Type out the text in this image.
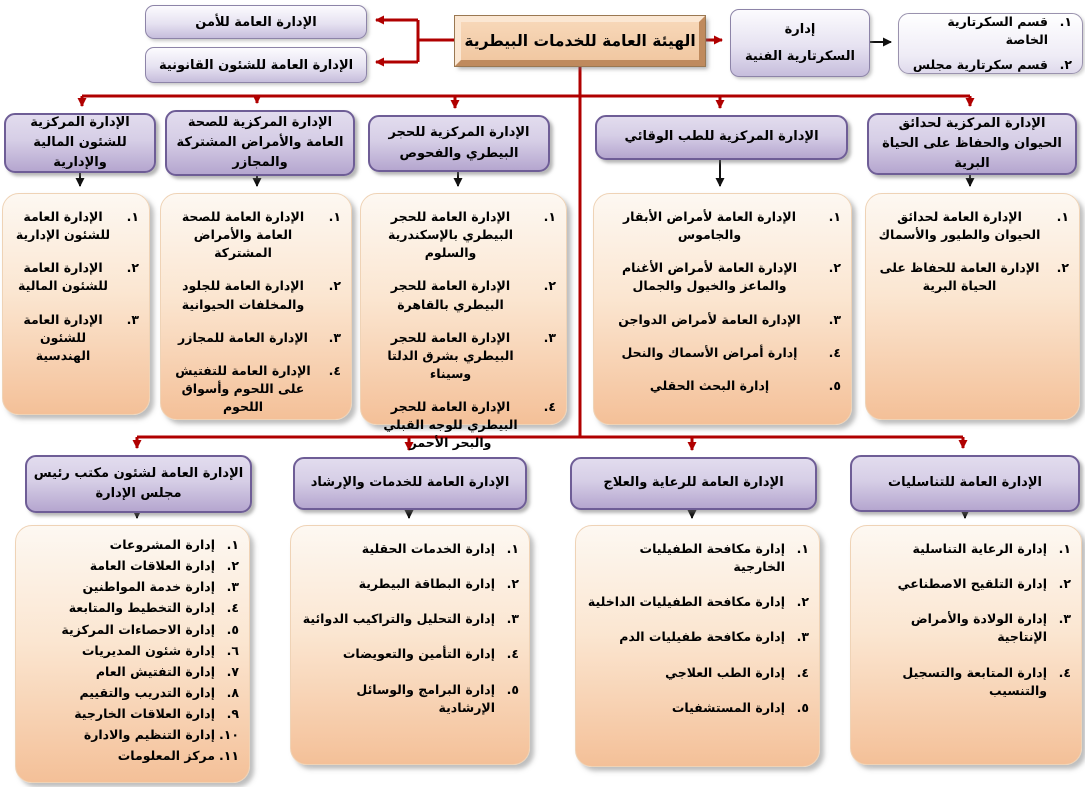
الهيئة العامة للخدمات البيطرية
الإدارة العامة للأمن
الإدارة العامة للشئون القانونية
إدارة
السكرتارية الفنية
١.
قسم السكرتارية الخاصة
٢.
قسم سكرتارية مجلس
الإدارة المركزية للشئون المالية والإدارية
الإدارة المركزية للصحة العامة والأمراض المشتركة والمجازر
الإدارة المركزية للحجر البيطري والفحوص
الإدارة المركزية للطب الوقائي
الإدارة المركزية لحدائق الحيوان والحفاظ على الحياة البرية
١.
الإدارة العامة للشئون الإدارية
٢.
الإدارة العامة للشئون المالية
٣.
الإدارة العامة للشئون الهندسية
١.
الإدارة العامة للصحة العامة والأمراض المشتركة
٢.
الإدارة العامة للجلود والمخلفات الحيوانية
٣.
الإدارة العامة للمجازر
٤.
الإدارة العامة للتفتيش على اللحوم وأسواق اللحوم
١.
الإدارة العامة للحجر البيطري بالإسكندرية والسلوم
٢.
الإدارة العامة للحجر البيطري بالقاهرة
٣.
الإدارة العامة للحجر البيطري بشرق الدلتا وسيناء
٤.
الإدارة العامة للحجر البيطري للوجه القبلي والبحر الأحمر
١.
الإدارة العامة لأمراض الأبقار والجاموس
٢.
الإدارة العامة لأمراض الأغنام والماعز والخيول والجمال
٣.
الإدارة العامة لأمراض الدواجن
٤.
إدارة أمراض الأسماك والنحل
٥.
إدارة البحث الحقلي
١.
الإدارة العامة لحدائق الحيوان والطيور والأسماك
٢.
الإدارة العامة للحفاظ على الحياة البرية
الإدارة العامة لشئون مكتب رئيس مجلس الإدارة
الإدارة العامة للخدمات والإرشاد	الإدارة العامة للرعاية والعلاج	الإدارة العامة للتناسليات
١.
إدارة المشروعات
٢.
إدارة العلاقات العامة
٣.
إدارة خدمة المواطنين
٤.
إدارة التخطيط والمتابعة
٥.
إدارة الاحصاءات المركزية
٦.
إدارة شئون المديريات
٧.
إدارة التفتيش العام
٨.
إدارة التدريب والتقييم
٩.
إدارة العلاقات الخارجية
١٠.
إدارة التنظيم والادارة
١١.
مركز المعلومات
١.
إدارة الخدمات الحقلية
٢.
إدارة البطاقة البيطرية
٣.
إدارة التحليل والتراكيب الدوائية
٤.
إدارة التأمين والتعويضات
٥.
إدارة البرامج والوسائل الإرشادية
١.
إدارة مكافحة الطفيليات الخارجية
٢.
إدارة مكافحة الطفيليات الداخلية
٣.
إدارة مكافحة طفيليات الدم
٤.
إدارة الطب العلاجي
٥.
إدارة المستشفيات
١.
إدارة الرعاية التناسلية
٢.
إدارة التلقيح الاصطناعي
٣.
إدارة الولادة والأمراض الإنتاجية
٤.
إدارة المتابعة والتسجيل والتنسيب
